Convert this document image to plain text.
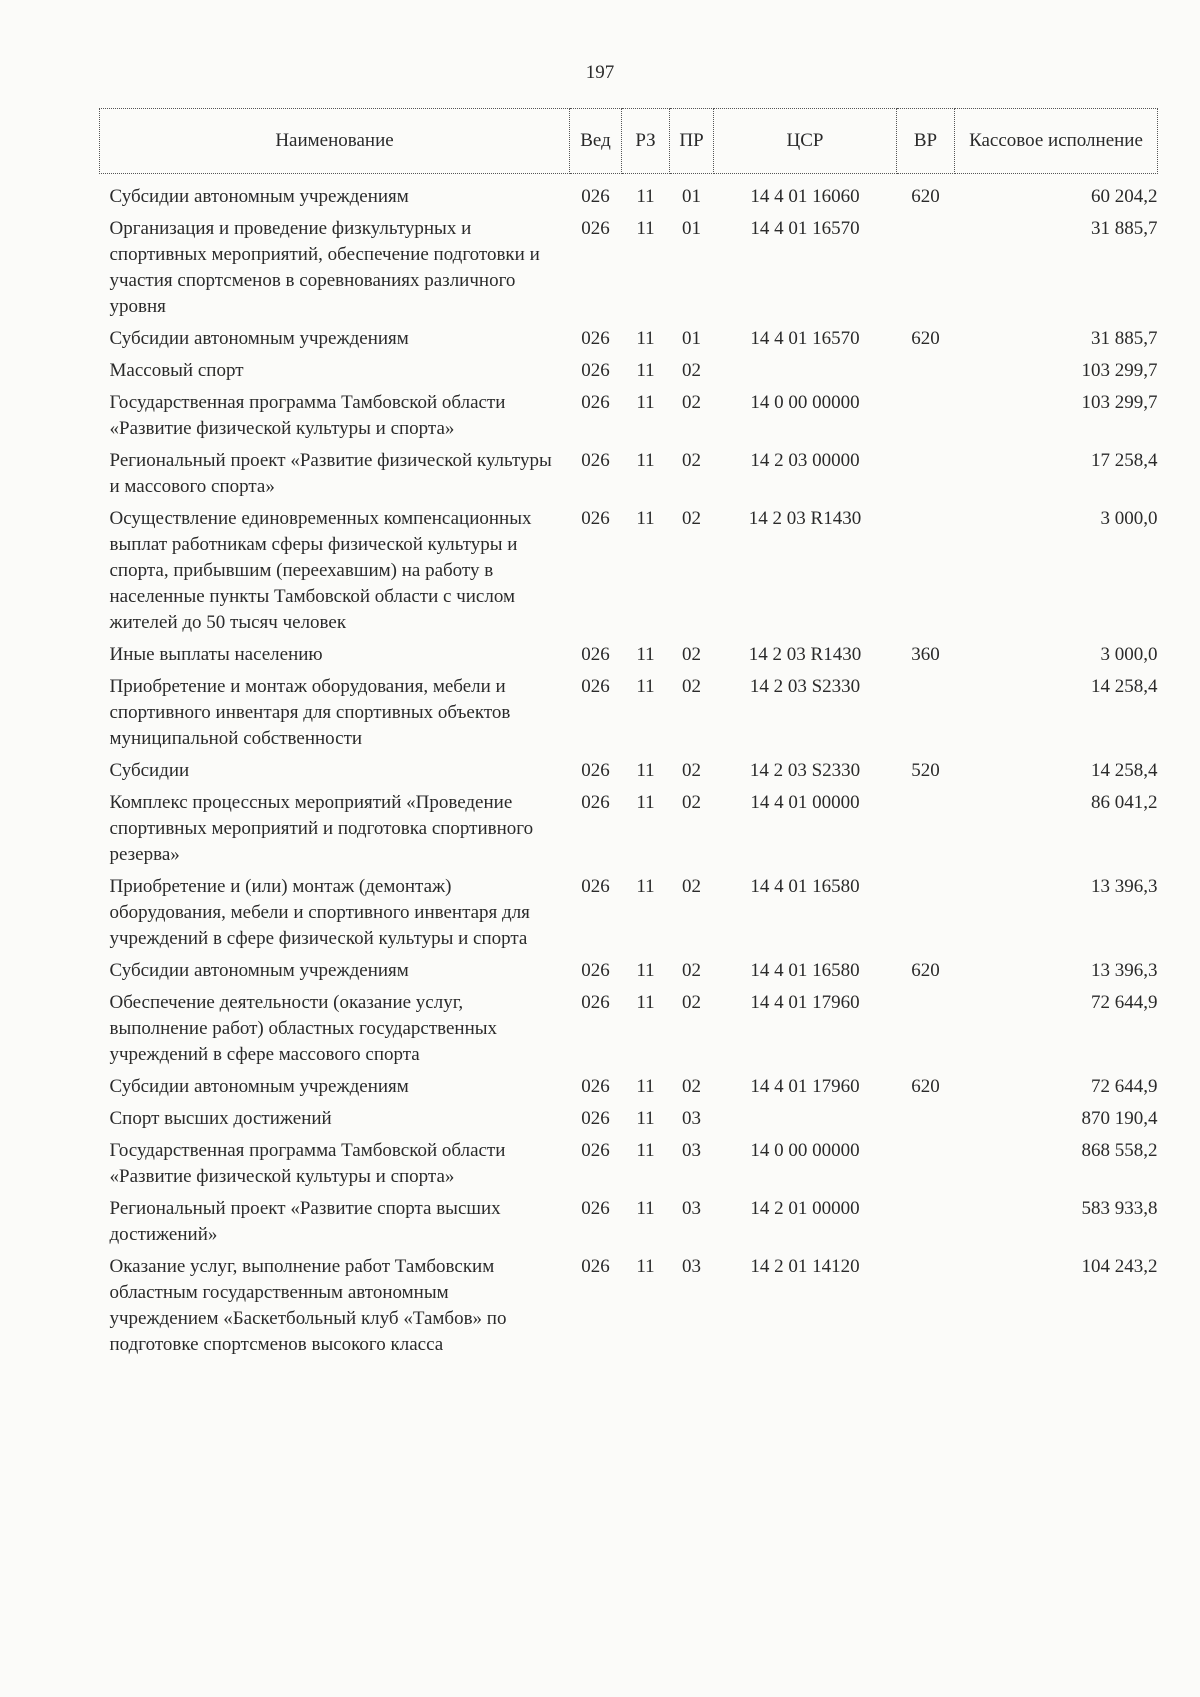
197
Наименование	Вед	РЗ	ПР	ЦСР	ВР	Кассовое исполнение
Субсидии автономным учреждениям	026	11	01	14 4 01 16060	620	60 204,2
Организация и проведение физкультурных и спортивных мероприятий, обеспечение подготовки и участия спортсменов в соревнованиях различного уровня	026	11	01	14 4 01 16570		31 885,7
Субсидии автономным учреждениям	026	11	01	14 4 01 16570	620	31 885,7
Массовый спорт	026	11	02			103 299,7
Государственная программа Тамбовской области «Развитие физической культуры и спорта»	026	11	02	14 0 00 00000		103 299,7
Региональный проект «Развитие физической культуры и массового спорта»	026	11	02	14 2 03 00000		17 258,4
Осуществление единовременных компенсационных выплат работникам сферы физической культуры и спорта, прибывшим (переехавшим) на работу в населенные пункты Тамбовской области с числом жителей до 50 тысяч человек	026	11	02	14 2 03 R1430		3 000,0
Иные выплаты населению	026	11	02	14 2 03 R1430	360	3 000,0
Приобретение и монтаж оборудования, мебели и спортивного инвентаря для спортивных объектов муниципальной собственности	026	11	02	14 2 03 S2330		14 258,4
Субсидии	026	11	02	14 2 03 S2330	520	14 258,4
Комплекс процессных мероприятий «Проведение спортивных мероприятий и подготовка спортивного резерва»	026	11	02	14 4 01 00000		86 041,2
Приобретение и (или) монтаж (демонтаж) оборудования, мебели и спортивного инвентаря для учреждений в сфере физической культуры и спорта	026	11	02	14 4 01 16580		13 396,3
Субсидии автономным учреждениям	026	11	02	14 4 01 16580	620	13 396,3
Обеспечение деятельности (оказание услуг, выполнение работ) областных государственных учреждений в сфере массового спорта	026	11	02	14 4 01 17960		72 644,9
Субсидии автономным учреждениям	026	11	02	14 4 01 17960	620	72 644,9
Спорт высших достижений	026	11	03			870 190,4
Государственная программа Тамбовской области «Развитие физической культуры и спорта»	026	11	03	14 0 00 00000		868 558,2
Региональный проект «Развитие спорта высших достижений»	026	11	03	14 2 01 00000		583 933,8
Оказание услуг, выполнение работ Тамбовским областным государственным автономным учреждением «Баскетбольный клуб «Тамбов» по подготовке спортсменов высокого класса	026	11	03	14 2 01 14120		104 243,2
